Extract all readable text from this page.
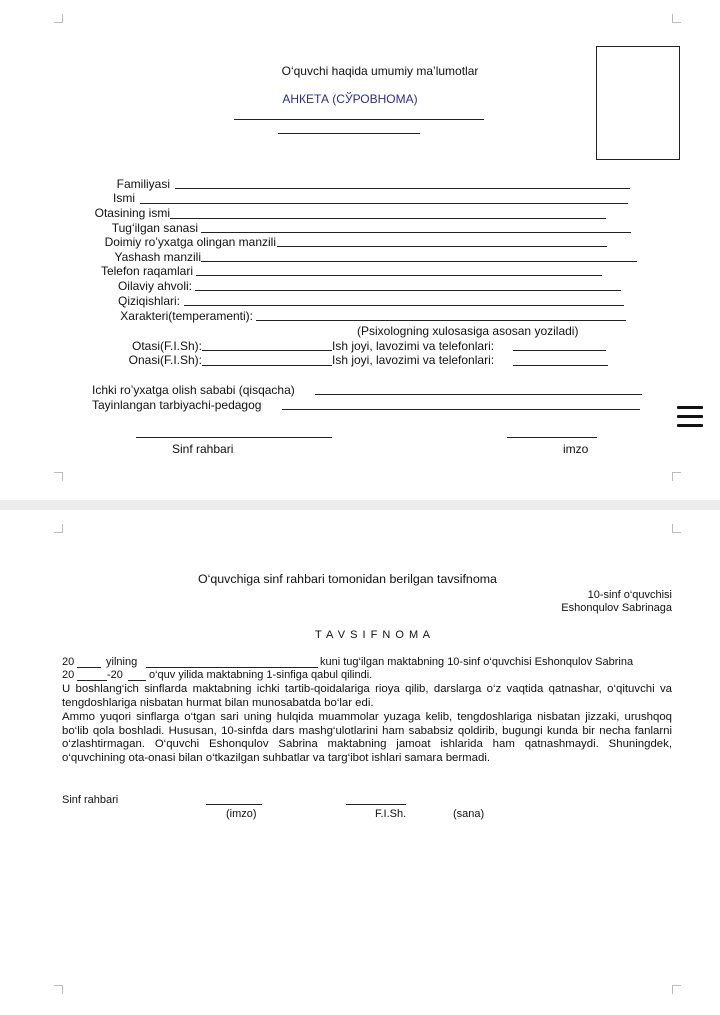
O‘quvchi haqida umumiy ma’lumotlar
АНКЕТА (СЎРОВНОМА)
Familiyasi
Ismi
Otasining ismi
Tug‘ilgan sanasi
Doimiy ro’yxatga olingan manzili
Yashash manzili
Telefon raqamlari
Oilaviy ahvoli:
Qiziqishlari:
Xarakteri(temperamenti):
(Psixologning xulosasiga asosan yoziladi)
Otasi(F.I.Sh):	Ish joyi, lavozimi va telefonlari:
Onasi(F.I.Sh):	Ish joyi, lavozimi va telefonlari:
Ichki ro’yxatga olish sababi (qisqacha)
Tayinlangan tarbiyachi-pedagog
Sinf rahbari	imzo
O‘quvchiga sinf rahbari tomonidan berilgan tavsifnoma
10-sinf o‘quvchisi
Eshonqulov Sabrinaga
T A V S I F N O M A
20	yilning	kuni tug‘ilgan maktabning 10-sinf o‘quvchisi Eshonqulov Sabrina
20	-20 o‘quv yilida maktabning 1-sinfiga qabul qilindi.
U boshlang‘ich sinflarda maktabning ichki tartib-qoidalariga rioya qilib, darslarga o‘z vaqtida qatnashar, o‘qituvchi va tengdoshlariga nisbatan hurmat bilan munosabatda bo‘lar edi.
Ammo yuqori sinflarga o‘tgan sari uning hulqida muammolar yuzaga kelib, tengdoshlariga nisbatan jizzaki, urushqoq bo‘lib qola boshladi. Hususan, 10-sinfda dars mashg‘ulotlarini ham sababsiz qoldirib, bugungi kunda bir necha fanlarni o‘zlashtirmagan. O‘quvchi Eshonqulov Sabrina maktabning jamoat ishlarida ham qatnashmaydi. Shuningdek, o‘quvchining ota-onasi bilan o‘tkazilgan suhbatlar va targ‘ibot ishlari samara bermadi.
Sinf rahbari
(imzo)	F.I.Sh.	(sana)
